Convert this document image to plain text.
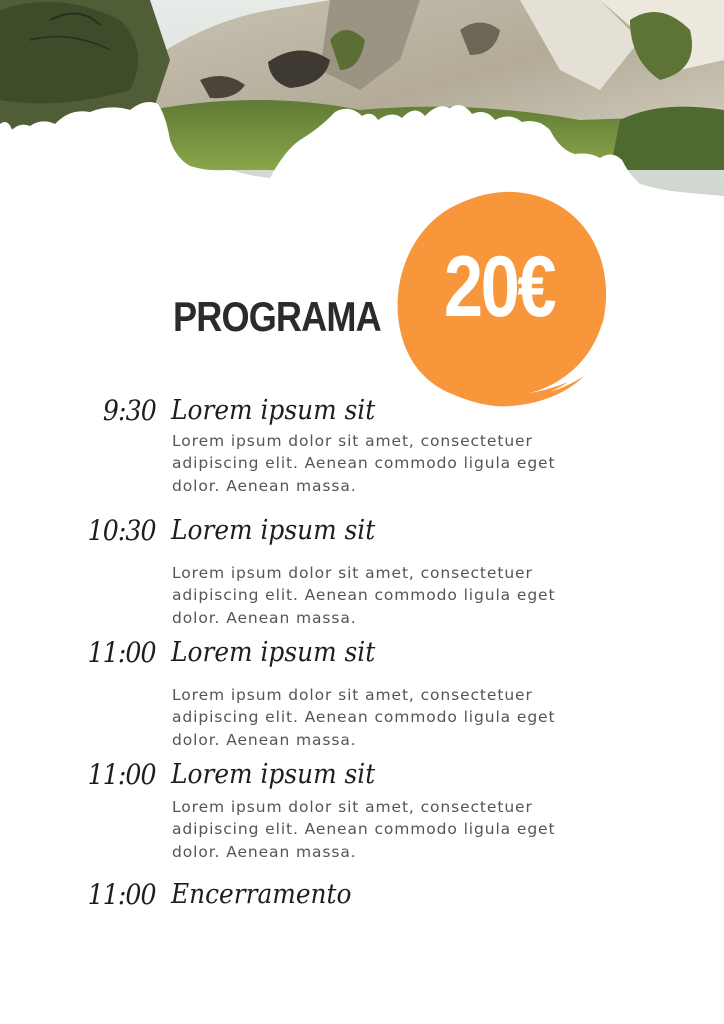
PROGRAMA 20€
9:30 Lorem ipsum sit

Lorem ipsum dolor sit amet, consectetuer adipiscing elit. Aenean commodo ligula eget dolor. Aenean massa.

10:30 Lorem ipsum sit

Lorem ipsum dolor sit amet, consectetuer adipiscing elit. Aenean commodo ligula eget dolor. Aenean massa.

11:00 Lorem ipsum sit

Lorem ipsum dolor sit amet, consectetuer adipiscing elit. Aenean commodo ligula eget dolor. Aenean massa.

11:00 Lorem ipsum sit

Lorem ipsum dolor sit amet, consectetuer adipiscing elit. Aenean commodo ligula eget dolor. Aenean massa.

11:00 Encerramento
